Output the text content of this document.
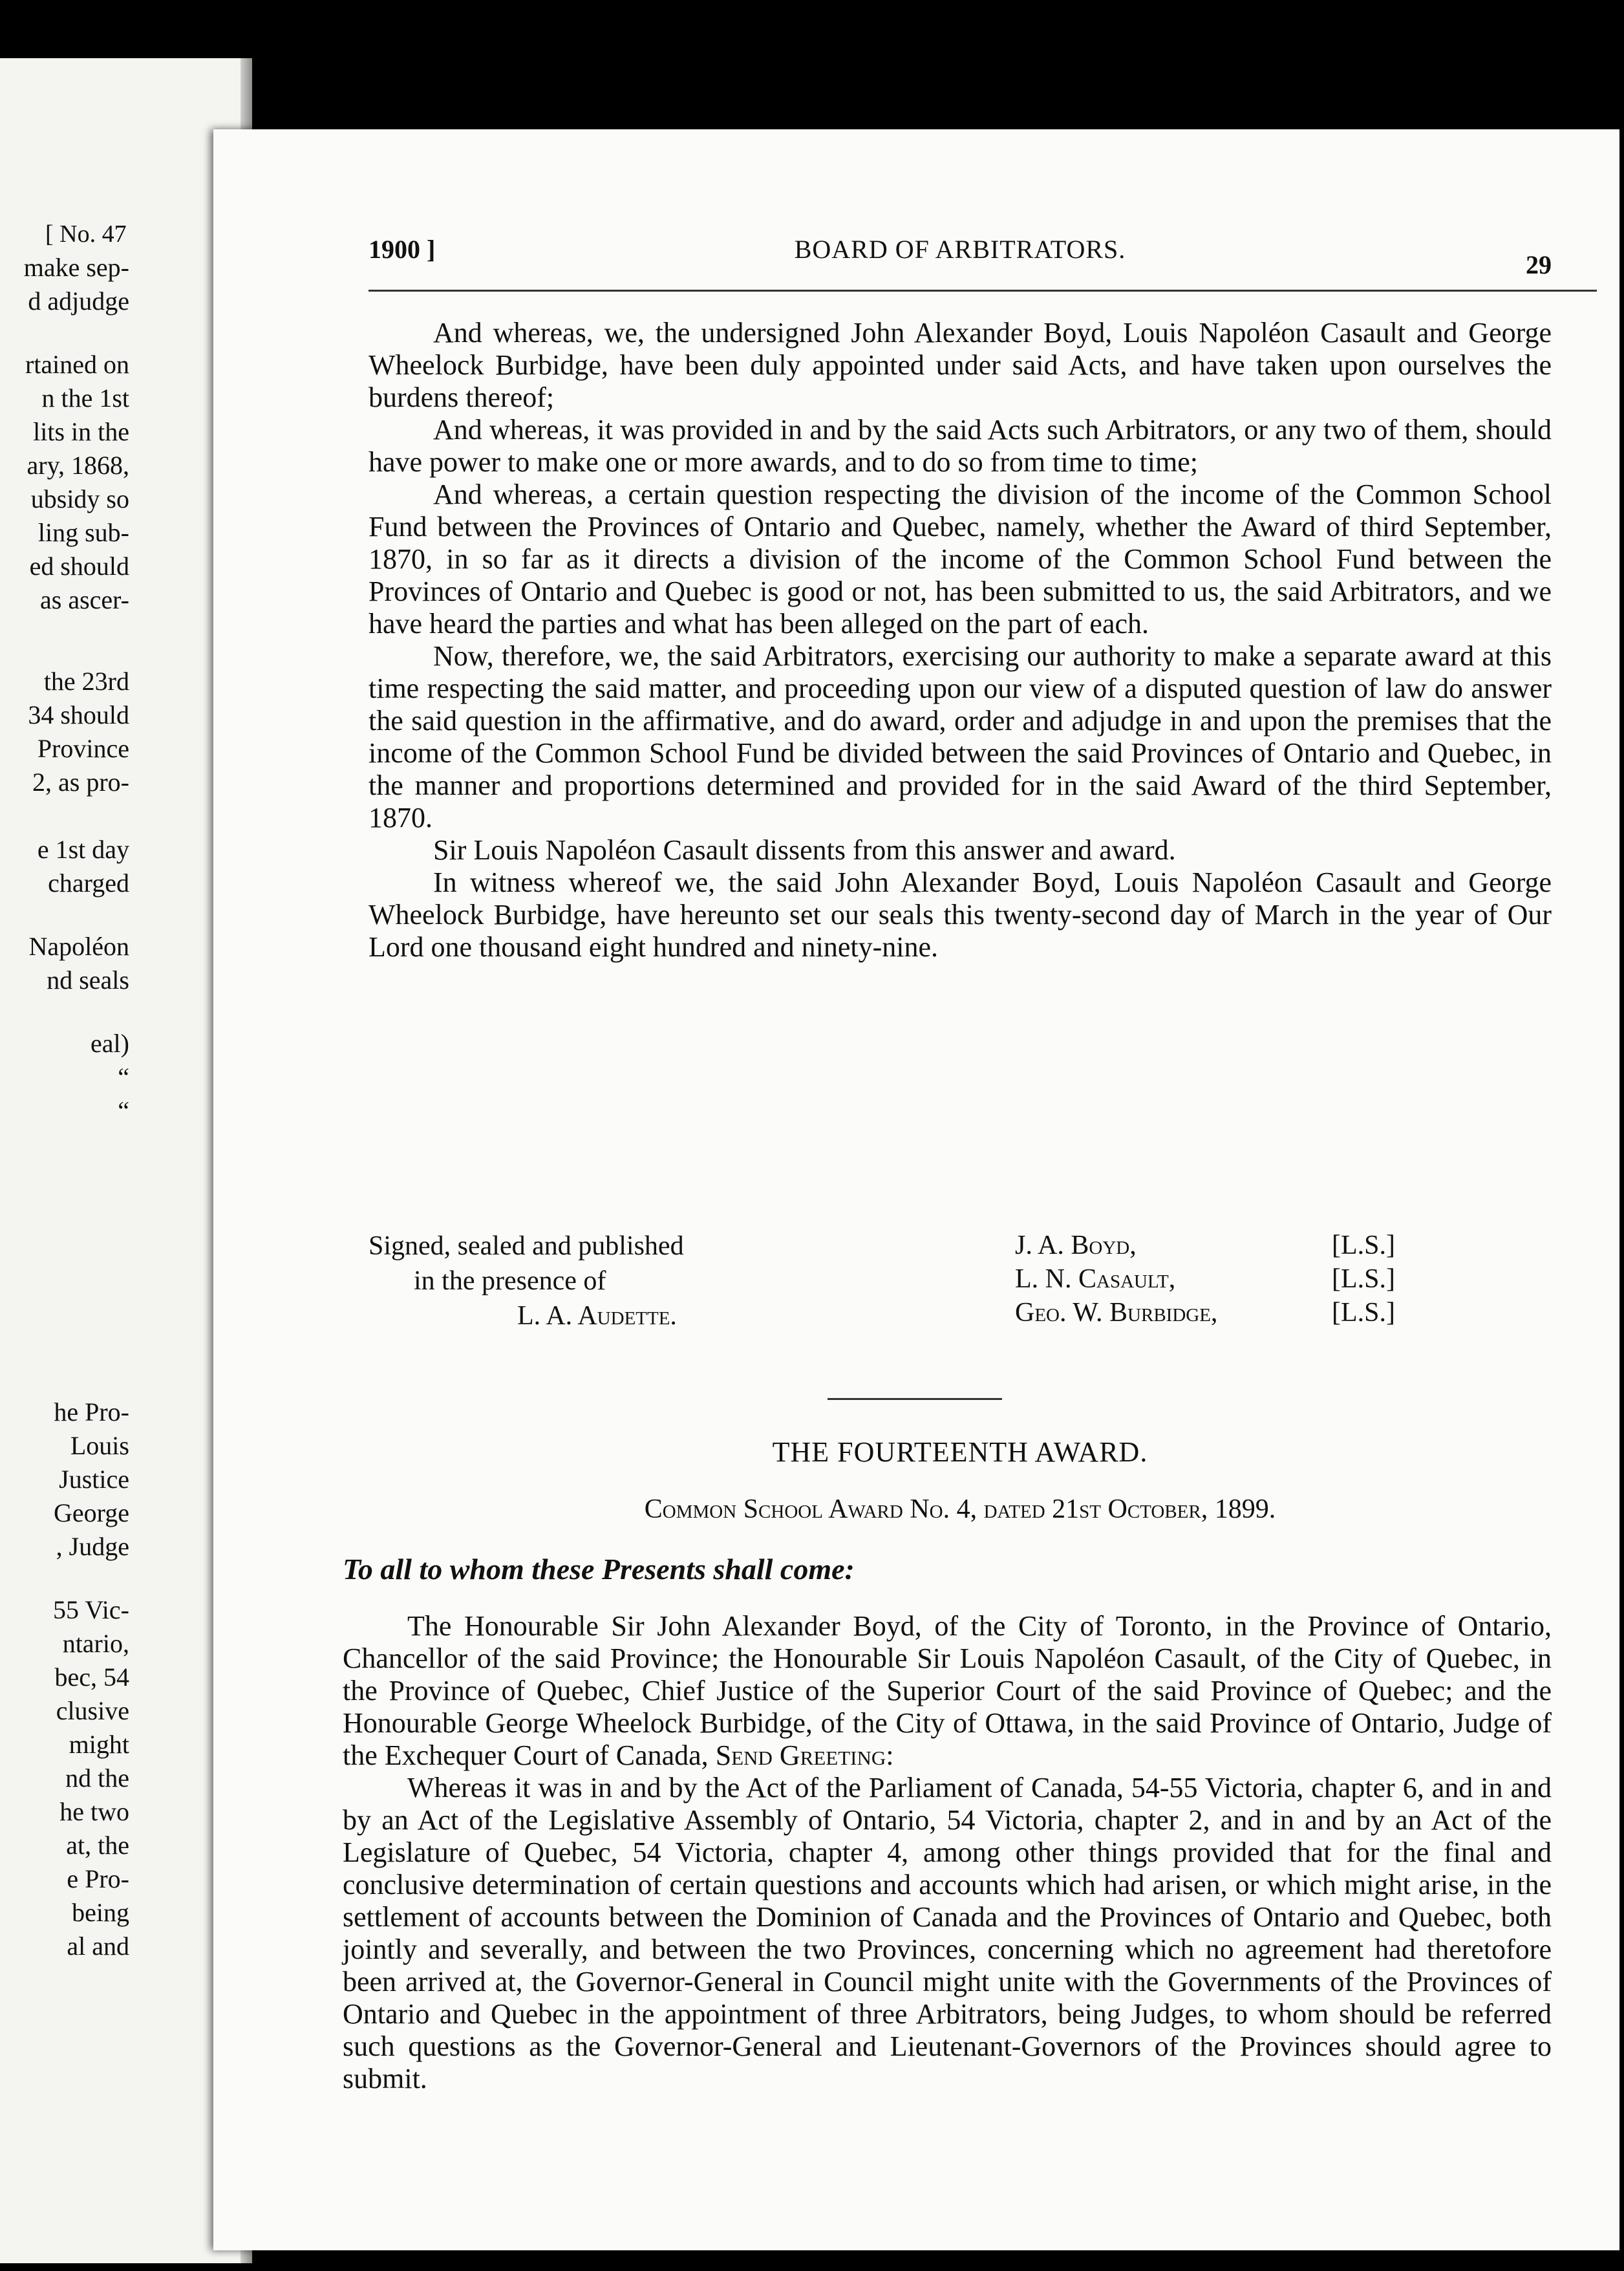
[ No. 47
make sep-
d adjudge
rtained on
n the 1st
lits in the
ary, 1868,
ubsidy so
ling sub-
ed should
as ascer-
the 23rd
34 should
Province
2, as pro-
e 1st day
charged
Napoléon
nd seals
eal)
“
“
he Pro-
Louis
Justice
George
, Judge
55 Vic-
ntario,
bec, 54
clusive
might
nd the
he two
at, the
e Pro-
being
al and
1900 ]	BOARD OF ARBITRATORS.
29

And whereas, we, the undersigned John Alexander Boyd, Louis Napoléon Casault and George Wheelock Burbidge, have been duly appointed under said Acts, and have taken upon ourselves the burdens thereof;

And whereas, it was provided in and by the said Acts such Arbitrators, or any two of them, should have power to make one or more awards, and to do so from time to time;

And whereas, a certain question respecting the division of the income of the Common School Fund between the Provinces of Ontario and Quebec, namely, whether the Award of third September, 1870, in so far as it directs a division of the income of the Common School Fund between the Provinces of Ontario and Quebec is good or not, has been submitted to us, the said Arbitrators, and we have heard the parties and what has been alleged on the part of each.

Now, therefore, we, the said Arbitrators, exercising our authority to make a separate award at this time respecting the said matter, and proceeding upon our view of a disputed question of law do answer the said question in the affirmative, and do award, order and adjudge in and upon the premises that the income of the Common School Fund be divided between the said Provinces of Ontario and Quebec, in the manner and proportions determined and provided for in the said Award of the third September, 1870.

Sir Louis Napoléon Casault dissents from this answer and award.

In witness whereof we, the said John Alexander Boyd, Louis Napoléon Casault and George Wheelock Burbidge, have hereunto set our seals this twenty-second day of March in the year of Our Lord one thousand eight hundred and ninety-nine.

Signed, sealed and published
in the presence of
L. A. Audette.
J. A. Boyd,	[L.S.]
L. N. Casault,	[L.S.]
Geo. W. Burbidge,	[L.S.]
THE FOURTEENTH AWARD.
Common School Award No. 4, dated 21st October, 1899.
To all to whom these Presents shall come:

The Honourable Sir John Alexander Boyd, of the City of Toronto, in the Province of Ontario, Chancellor of the said Province; the Honourable Sir Louis Napoléon Casault, of the City of Quebec, in the Province of Quebec, Chief Justice of the Superior Court of the said Province of Quebec; and the Honourable George Wheelock Burbidge, of the City of Ottawa, in the said Province of Ontario, Judge of the Exchequer Court of Canada, Send Greeting:

Whereas it was in and by the Act of the Parliament of Canada, 54-55 Victoria, chapter 6, and in and by an Act of the Legislative Assembly of Ontario, 54 Victoria, chapter 2, and in and by an Act of the Legislature of Quebec, 54 Victoria, chapter 4, among other things provided that for the final and conclusive determination of certain questions and accounts which had arisen, or which might arise, in the settlement of accounts between the Dominion of Canada and the Provinces of Ontario and Quebec, both jointly and severally, and between the two Provinces, concerning which no agreement had theretofore been arrived at, the Governor-General in Council might unite with the Governments of the Provinces of Ontario and Quebec in the appointment of three Arbitrators, being Judges, to whom should be referred such questions as the Governor-General and Lieutenant-Governors of the Provinces should agree to submit.
